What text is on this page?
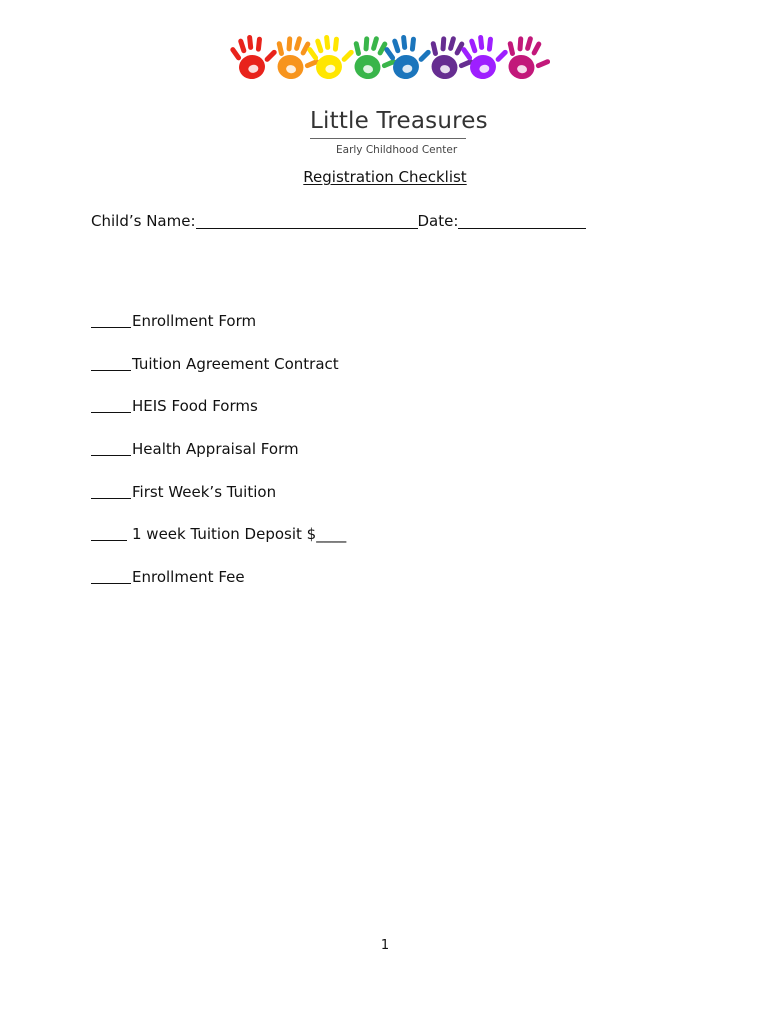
Little Treasures
Early Childhood Center
Registration Checklist
Child’s Name:	Date:
Enrollment Form
Tuition Agreement Contract
HEIS Food Forms
Health Appraisal Form
First Week’s Tuition
1 week Tuition Deposit $____
Enrollment Fee
1
